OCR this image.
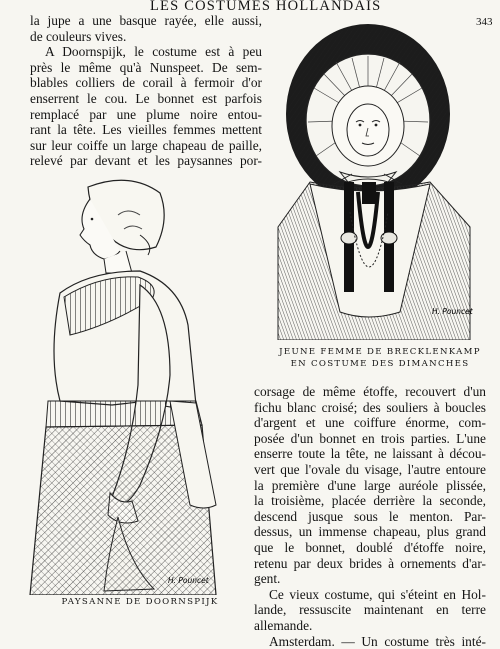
LES COSTUMES HOLLANDAIS
343
la jupe a une basque rayée, elle aussi,
de couleurs vives.
A Doornspijk, le costume est à peu
près le même qu'à Nunspeet. De sem-
blables colliers de corail à fermoir d'or
enserrent le cou. Le bonnet est parfois
remplacé par une plume noire entou-
rant la tête. Les vieilles femmes mettent
sur leur coiffe un large chapeau de paille,
relevé par devant et les paysannes por-
H. Pouncet
JEUNE FEMME DE BRECKLENKAMP
EN COSTUME DES DIMANCHES
H. Pouncet
PAYSANNE DE DOORNSPIJK
corsage de même étoffe, recouvert d'un
fichu blanc croisé; des souliers à boucles
d'argent et une coiffure énorme, com-
posée d'un bonnet en trois parties. L'une
enserre toute la tête, ne laissant à décou-
vert que l'ovale du visage, l'autre entoure
la première d'une large auréole plissée,
la troisième, placée derrière la seconde,
descend jusque sous le menton. Par-
dessus, un immense chapeau, plus grand
que le bonnet, doublé d'étoffe noire,
retenu par deux brides à ornements d'ar-
gent.
Ce vieux costume, qui s'éteint en Hol-
lande, ressuscite maintenant en terre
allemande.
Amsterdam. — Un costume très inté-
